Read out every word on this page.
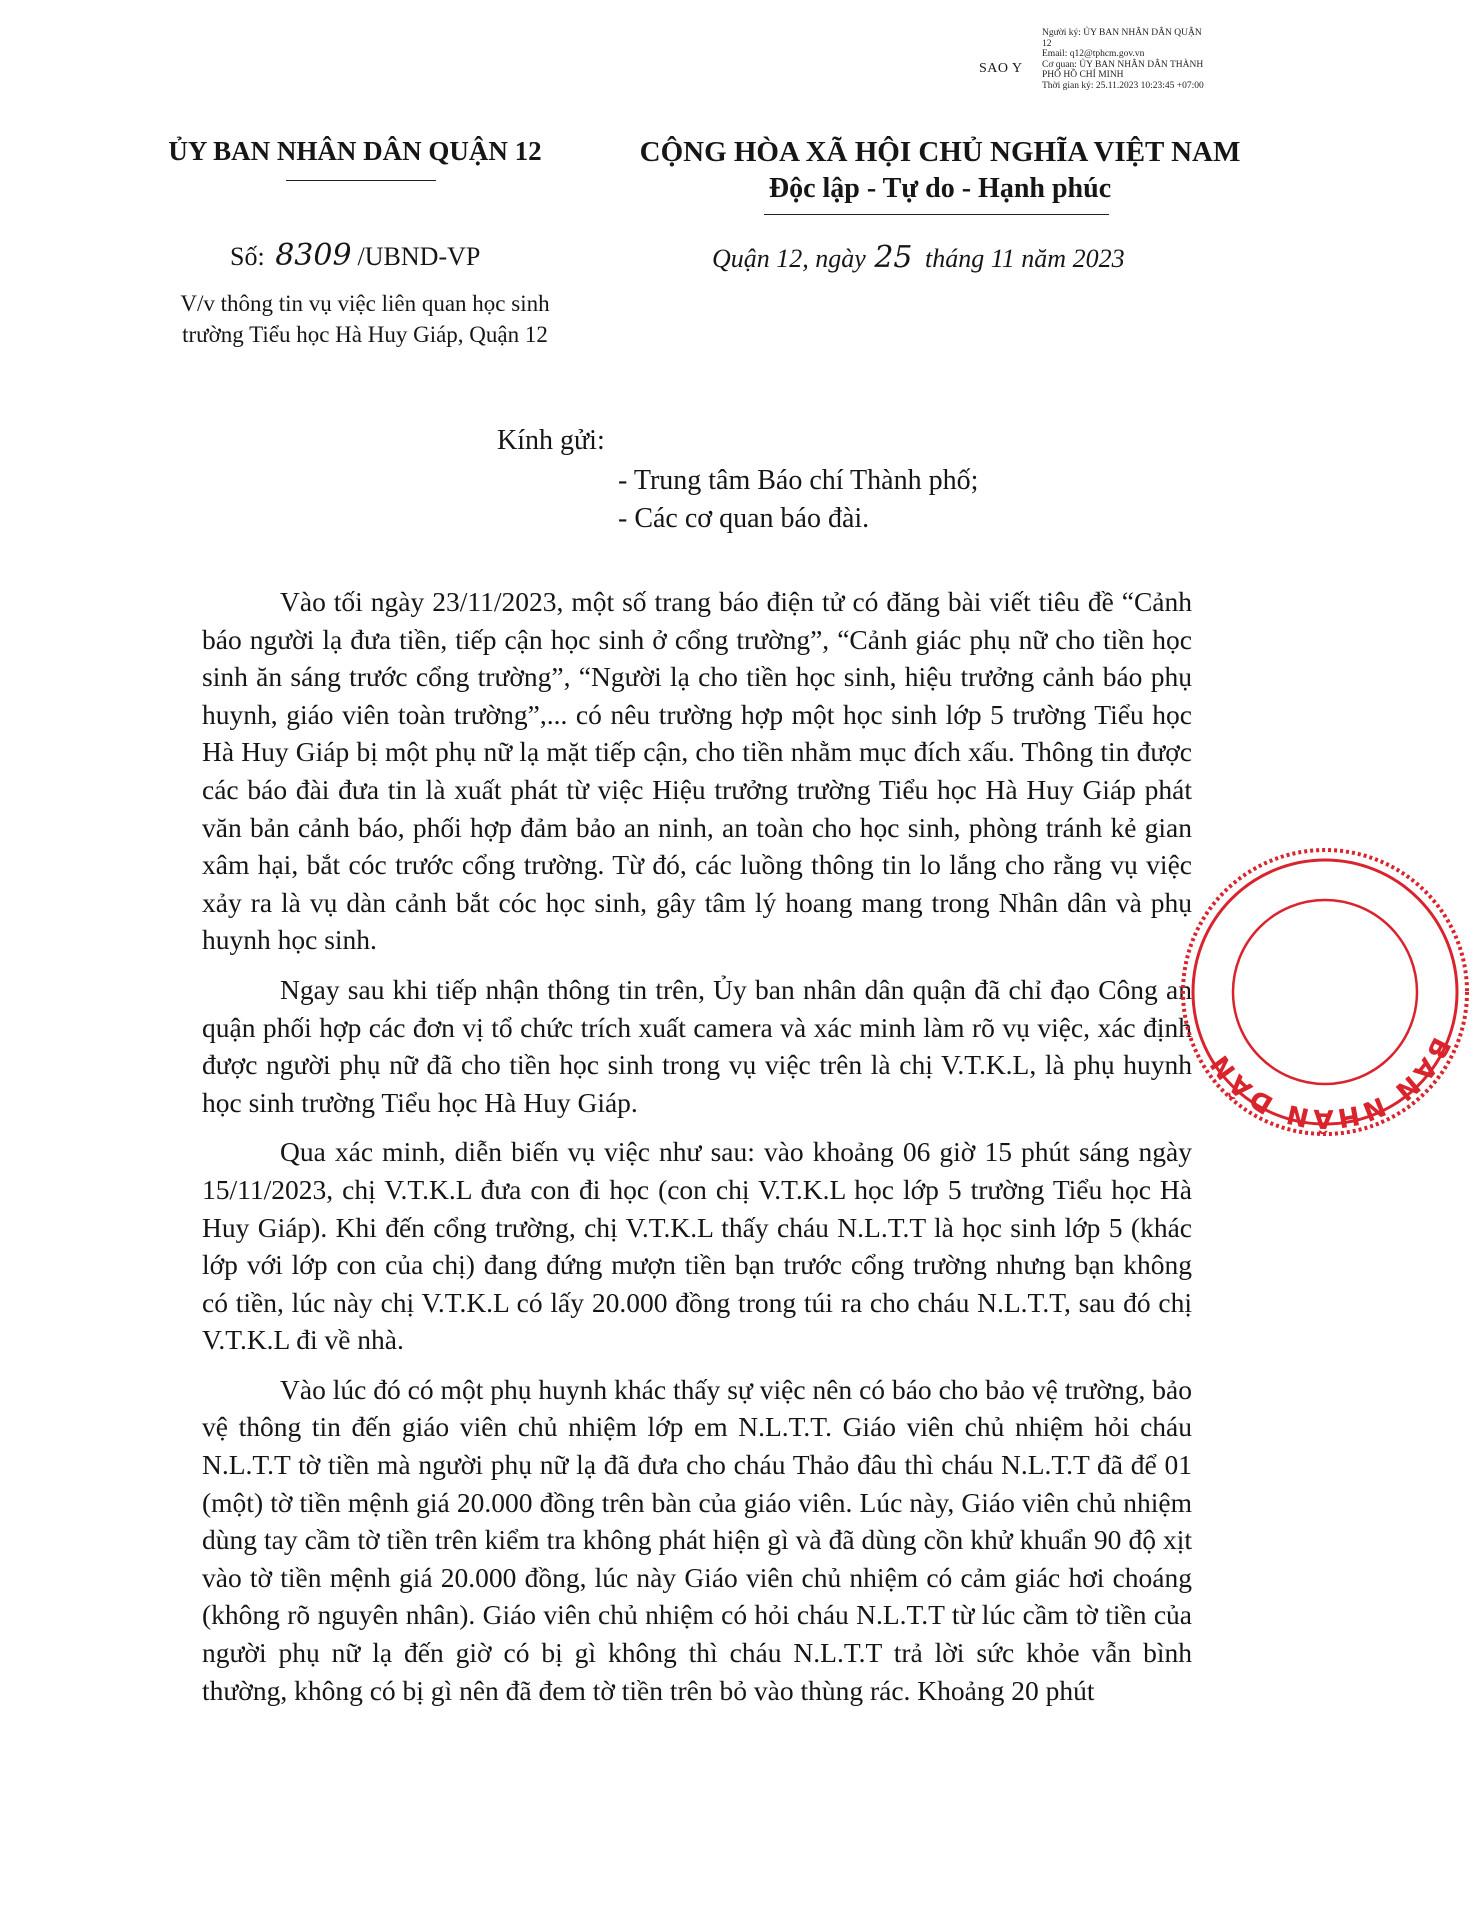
SAO Y
Người ký: ỦY BAN NHÂN DÂN QUẬN
12
Email: q12@tphcm.gov.vn
Cơ quan: ỦY BAN NHÂN DÂN THÀNH
PHỐ HỒ CHÍ MINH
Thời gian ký: 25.11.2023 10:23:45 +07:00
ỦY BAN NHÂN DÂN QUẬN 12	CỘNG HÒA XÃ HỘI CHỦ NGHĨA VIỆT NAM
Độc lập - Tự do - Hạnh phúc
Số: 8309 /UBND-VP	Quận 12, ngày 25 tháng 11 năm 2023
V/v thông tin vụ việc liên quan học sinh
trường Tiểu học Hà Huy Giáp, Quận 12
Kính gửi:
- Trung tâm Báo chí Thành phố;
- Các cơ quan báo đài.

Vào tối ngày 23/11/2023, một số trang báo điện tử có đăng bài viết tiêu đề “Cảnh báo người lạ đưa tiền, tiếp cận học sinh ở cổng trường”, “Cảnh giác phụ nữ cho tiền học sinh ăn sáng trước cổng trường”, “Người lạ cho tiền học sinh, hiệu trưởng cảnh báo phụ huynh, giáo viên toàn trường”,... có nêu trường hợp một học sinh lớp 5 trường Tiểu học Hà Huy Giáp bị một phụ nữ lạ mặt tiếp cận, cho tiền nhằm mục đích xấu. Thông tin được các báo đài đưa tin là xuất phát từ việc Hiệu trưởng trường Tiểu học Hà Huy Giáp phát văn bản cảnh báo, phối hợp đảm bảo an ninh, an toàn cho học sinh, phòng tránh kẻ gian xâm hại, bắt cóc trước cổng trường. Từ đó, các luồng thông tin lo lắng cho rằng vụ việc xảy ra là vụ dàn cảnh bắt cóc học sinh, gây tâm lý hoang mang trong Nhân dân và phụ huynh học sinh.

Ngay sau khi tiếp nhận thông tin trên, Ủy ban nhân dân quận đã chỉ đạo Công an quận phối hợp các đơn vị tổ chức trích xuất camera và xác minh làm rõ vụ việc, xác định được người phụ nữ đã cho tiền học sinh trong vụ việc trên là chị V.T.K.L, là phụ huynh học sinh trường Tiểu học Hà Huy Giáp.

Qua xác minh, diễn biến vụ việc như sau: vào khoảng 06 giờ 15 phút sáng ngày 15/11/2023, chị V.T.K.L đưa con đi học (con chị V.T.K.L học lớp 5 trường Tiểu học Hà Huy Giáp). Khi đến cổng trường, chị V.T.K.L thấy cháu N.L.T.T là học sinh lớp 5 (khác lớp với lớp con của chị) đang đứng mượn tiền bạn trước cổng trường nhưng bạn không có tiền, lúc này chị V.T.K.L có lấy 20.000 đồng trong túi ra cho cháu N.L.T.T, sau đó chị V.T.K.L đi về nhà.

Vào lúc đó có một phụ huynh khác thấy sự việc nên có báo cho bảo vệ trường, bảo vệ thông tin đến giáo viên chủ nhiệm lớp em N.L.T.T. Giáo viên chủ nhiệm hỏi cháu N.L.T.T tờ tiền mà người phụ nữ lạ đã đưa cho cháu Thảo đâu thì cháu N.L.T.T đã để 01 (một) tờ tiền mệnh giá 20.000 đồng trên bàn của giáo viên. Lúc này, Giáo viên chủ nhiệm dùng tay cầm tờ tiền trên kiểm tra không phát hiện gì và đã dùng cồn khử khuẩn 90 độ xịt vào tờ tiền mệnh giá 20.000 đồng, lúc này Giáo viên chủ nhiệm có cảm giác hơi choáng (không rõ nguyên nhân). Giáo viên chủ nhiệm có hỏi cháu N.L.T.T từ lúc cầm tờ tiền của người phụ nữ lạ đến giờ có bị gì không thì cháu N.L.T.T trả lời sức khỏe vẫn bình thường, không có bị gì nên đã đem tờ tiền trên bỏ vào thùng rác. Khoảng 20 phút

BAN NHÂN DÂN
